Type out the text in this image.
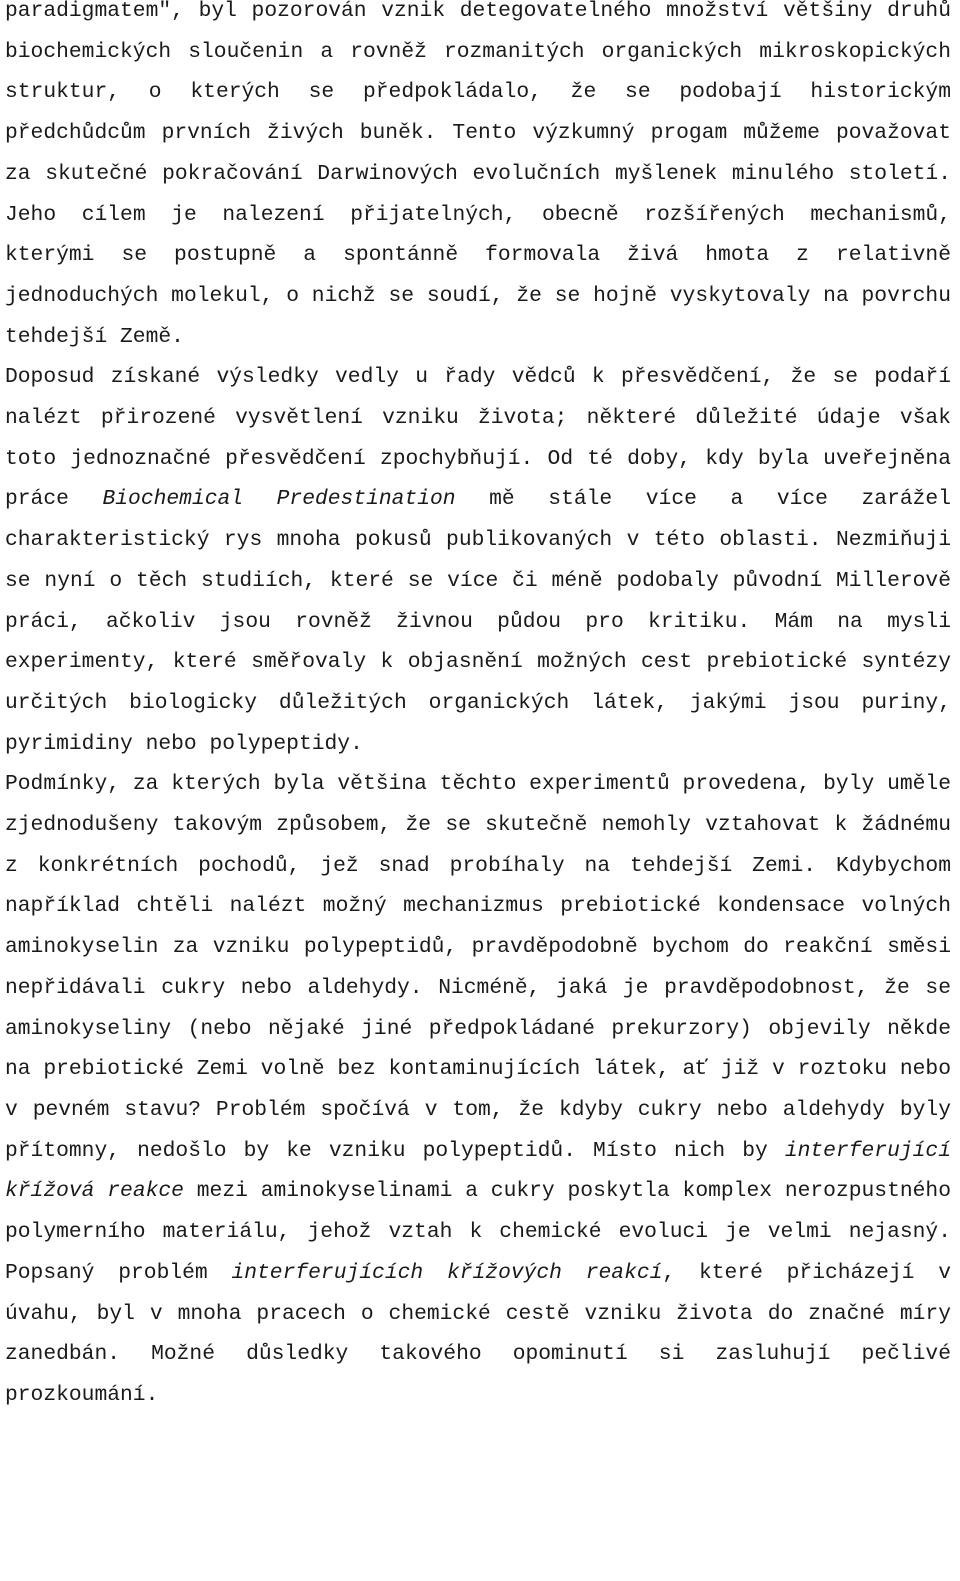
paradigmatem", byl pozorován vznik detegovatelného množství většiny druhů biochemických sloučenin a rovněž rozmanitých organických mikroskopických struktur, o kterých se předpokládalo, že se podobají historickým předchůdcům prvních živých buněk. Tento výzkumný progam můžeme považovat za skutečné pokračování Darwinových evolučních myšlenek minulého století. Jeho cílem je nalezení přijatelných, obecně rozšířených mechanismů, kterými se postupně a spontánně formovala živá hmota z relativně jednoduchých molekul, o nichž se soudí, že se hojně vyskytovaly na povrchu tehdejší Země.

Doposud získané výsledky vedly u řady vědců k přesvědčení, že se podaří nalézt přirozené vysvětlení vzniku života; některé důležité údaje však toto jednoznačné přesvědčení zpochybňují. Od té doby, kdy byla uveřejněna práce Biochemical Predestination mě stále více a více zarážel charakteristický rys mnoha pokusů publikovaných v této oblasti. Nezmiňuji se nyní o těch studiích, které se více či méně podobaly původní Millerově práci, ačkoliv jsou rovněž živnou půdou pro kritiku. Mám na mysli experimenty, které směřovaly k objasnění možných cest prebiotické syntézy určitých biologicky důležitých organických látek, jakými jsou puriny, pyrimidiny nebo polypeptidy.

Podmínky, za kterých byla většina těchto experimentů provedena, byly uměle zjednodušeny takovým způsobem, že se skutečně nemohly vztahovat k žádnému z konkrétních pochodů, jež snad probíhaly na tehdejší Zemi. Kdybychom například chtěli nalézt možný mechanizmus prebiotické kondensace volných aminokyselin za vzniku polypeptidů, pravděpodobně bychom do reakční směsi nepřidávali cukry nebo aldehydy. Nicméně, jaká je pravděpodobnost, že se aminokyseliny (nebo nějaké jiné předpokládané prekurzory) objevily někde na prebiotické Zemi volně bez kontaminujících látek, ať již v roztoku nebo v pevném stavu? Problém spočívá v tom, že kdyby cukry nebo aldehydy byly přítomny, nedošlo by ke vzniku polypeptidů. Místo nich by interferující křížová reakce mezi aminokyselinami a cukry poskytla komplex nerozpustného polymerního materiálu, jehož vztah k chemické evoluci je velmi nejasný. Popsaný problém interferujících křížových reakcí, které přicházejí v úvahu, byl v mnoha pracech o chemické cestě vzniku života do značné míry zanedbán. Možné důsledky takového opominutí si zasluhují pečlivé prozkoumání.
